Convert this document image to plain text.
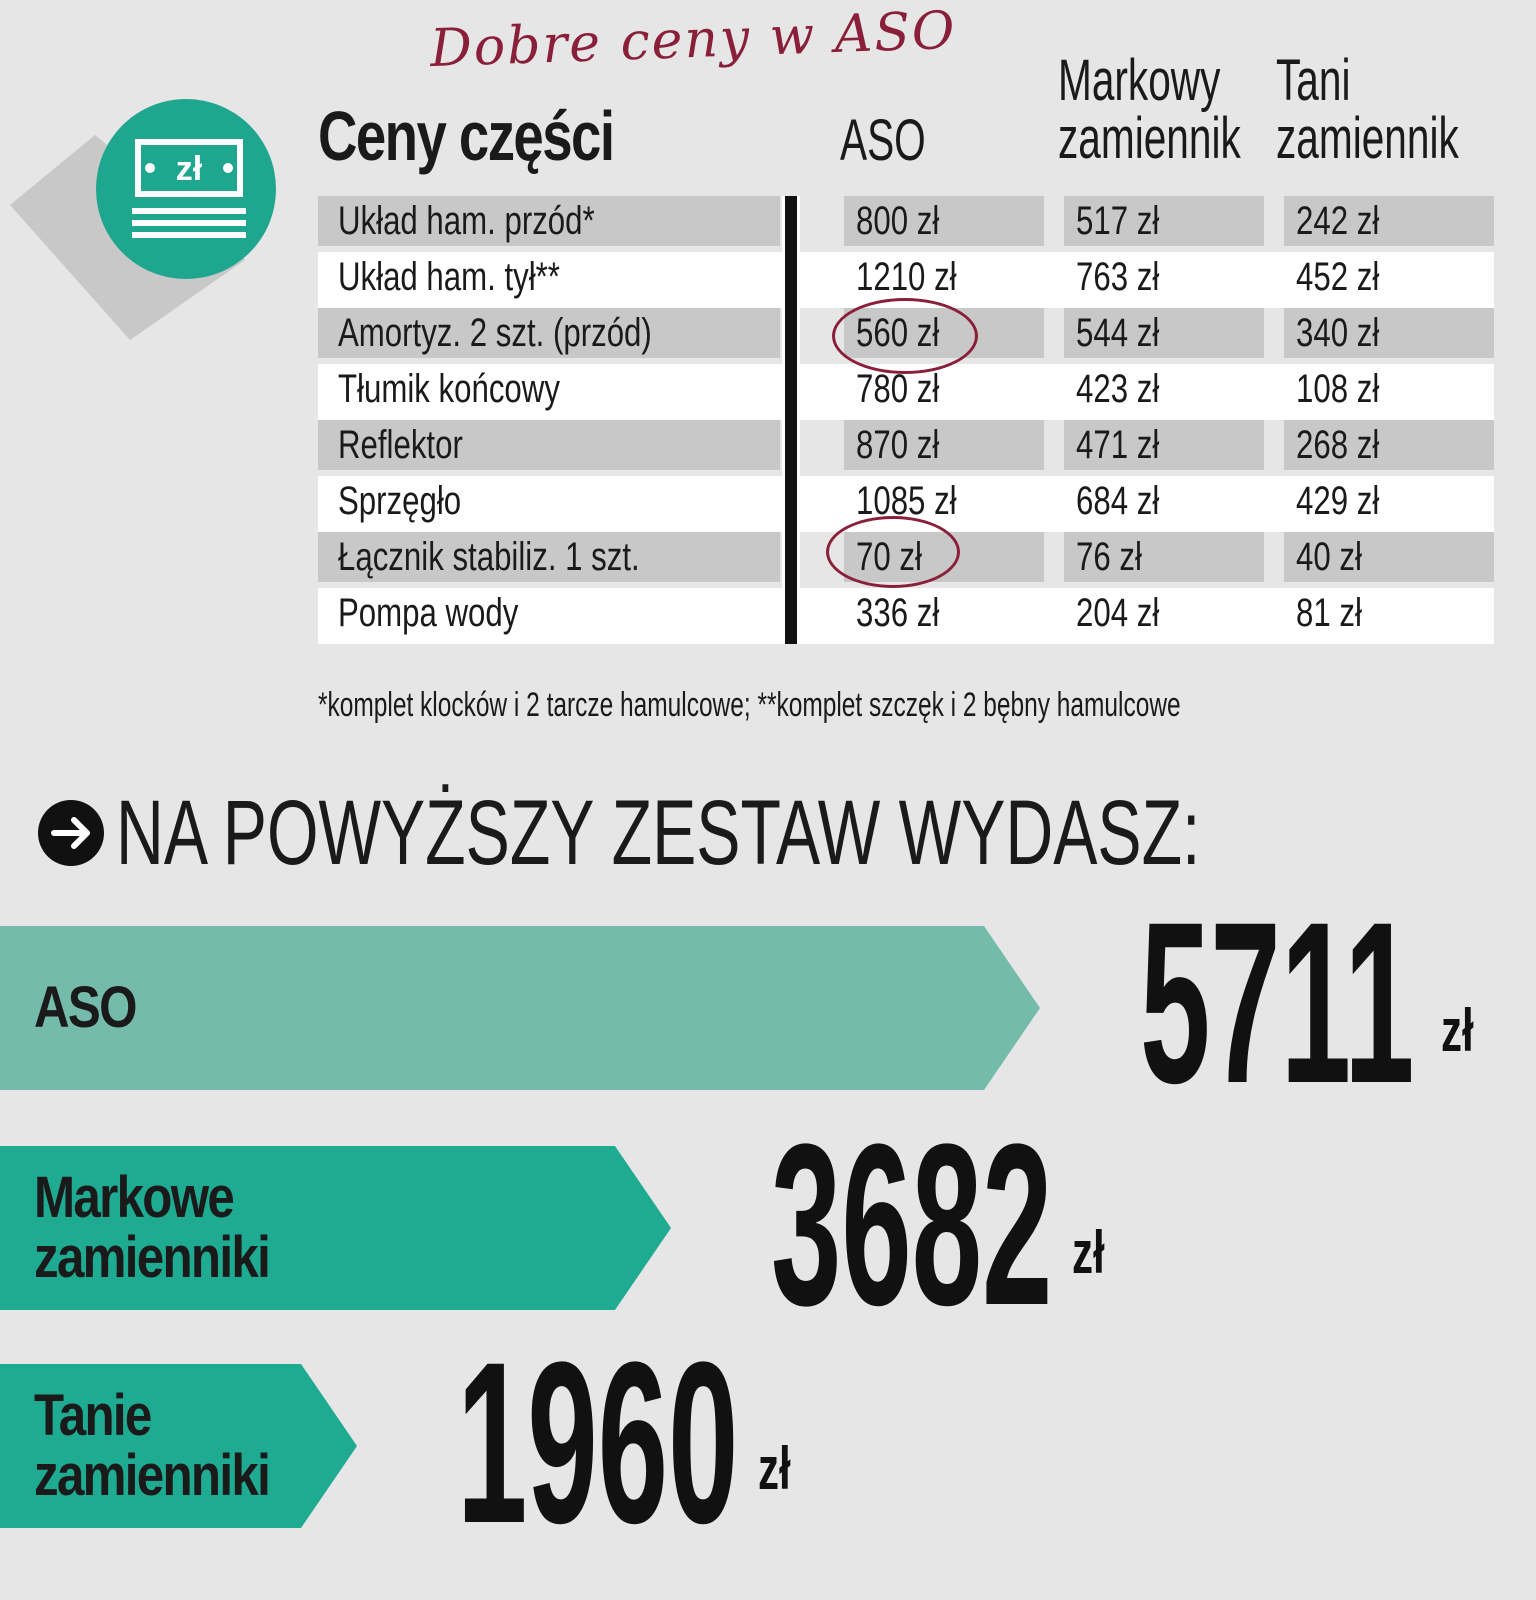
zł
Dobre ceny w ASO
Ceny części	ASO
Markowy
zamiennik
Tani
zamiennik
Układ ham. przód*	800 zł	517 zł	242 zł
Układ ham. tył**	1210 zł	763 zł	452 zł
Amortyz. 2 szt. (przód)	560 zł	544 zł	340 zł
Tłumik końcowy	780 zł	423 zł	108 zł
Reflektor	870 zł	471 zł	268 zł
Sprzęgło	1085 zł	684 zł	429 zł
Łącznik stabiliz. 1 szt.	70 zł	76 zł	40 zł
Pompa wody	336 zł	204 zł	81 zł
*komplet klocków i 2 tarcze hamulcowe; **komplet szczęk i 2 bębny hamulcowe
NA POWYŻSZY ZESTAW WYDASZ:
ASO	5711 zł
Markowe
zamienniki 3682 zł
Tanie
zamienniki 1960 zł
